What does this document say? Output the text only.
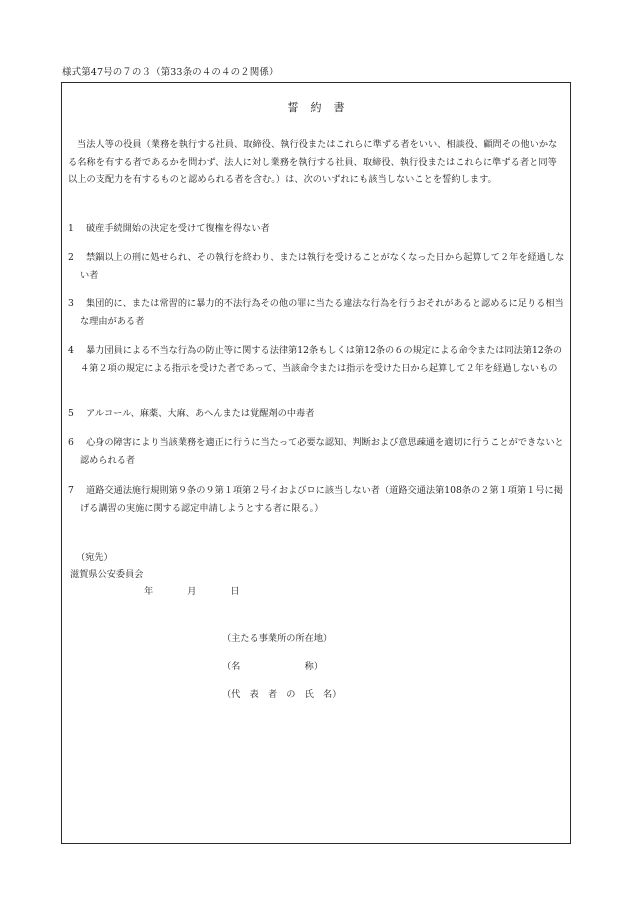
様式第47号の７の３（第33条の４の４の２関係）
誓約書
当法人等の役員（業務を執行する社員、取締役、執行役またはこれらに準ずる者をいい、相談役、顧問その他いかなる名称を有する者であるかを問わず、法人に対し業務を執行する社員、取締役、執行役またはこれらに準ずる者と同等以上の支配力を有するものと認められる者を含む。）は、次のいずれにも該当しないことを誓約します。
1 破産手続開始の決定を受けて復権を得ない者
2 禁錮以上の刑に処せられ、その執行を終わり、または執行を受けることがなくなった日から起算して２年を経過しない者
3 集団的に、または常習的に暴力的不法行為その他の罪に当たる違法な行為を行うおそれがあると認めるに足りる相当な理由がある者
4 暴力団員による不当な行為の防止等に関する法律第12条もしくは第12条の６の規定による命令または同法第12条の４第２項の規定による指示を受けた者であって、当該命令または指示を受けた日から起算して２年を経過しないもの
5 アルコール、麻薬、大麻、あへんまたは覚醒剤の中毒者
6 心身の障害により当該業務を適正に行うに当たって必要な認知、判断および意思疎通を適切に行うことができないと認められる者
7 道路交通法施行規則第９条の９第１項第２号イおよびロに該当しない者（道路交通法第108条の２第１項第１号に掲げる講習の実施に関する認定申請しようとする者に限る。）
（宛先）
滋賀県公安委員会
年	月	日
（主たる事業所の所在地）
（名　　　　　　　称）
（代　表　者　の　氏　名）
